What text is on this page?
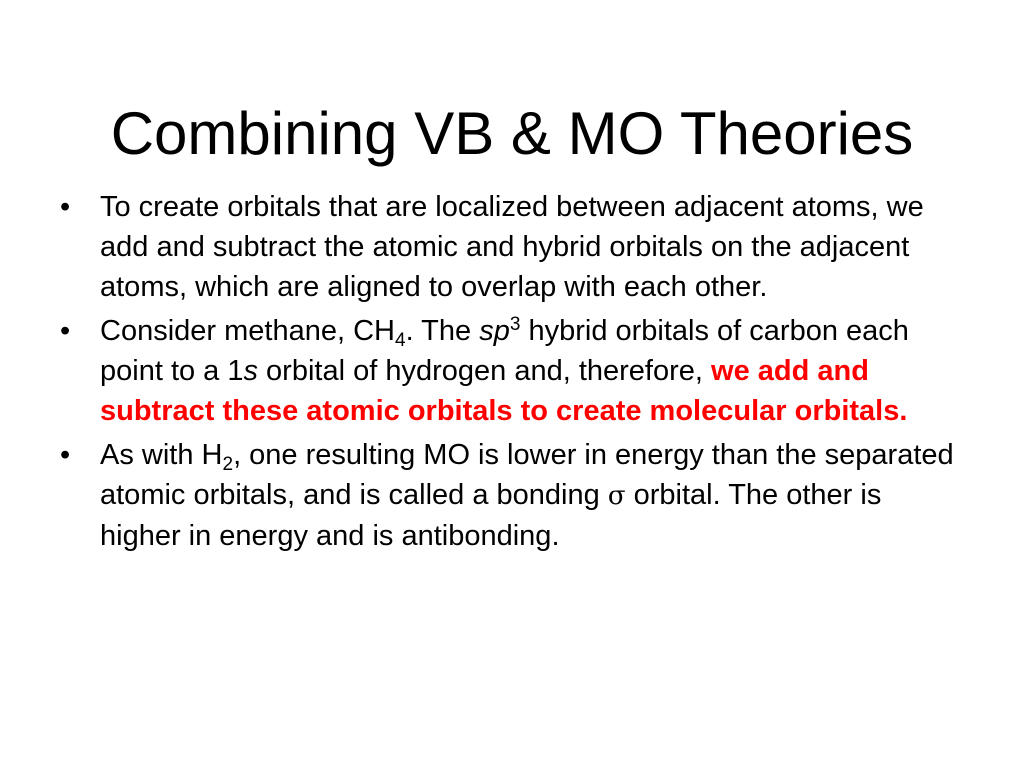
Combining VB & MO Theories
•	To create orbitals that are localized between adjacent atoms, we add and subtract the atomic and hybrid orbitals on the adjacent atoms, which are aligned to overlap with each other.
•	Consider methane, $CH_4$. The $sp^3$ hybrid orbitals of carbon each point to a 1s orbital of hydrogen and, therefore, we add and subtract these atomic orbitals to create molecular orbitals.
•	As with $H_2$, one resulting MO is lower in energy than the separated atomic orbitals, and is called a bonding σ orbital. The other is higher in energy and is antibonding.
